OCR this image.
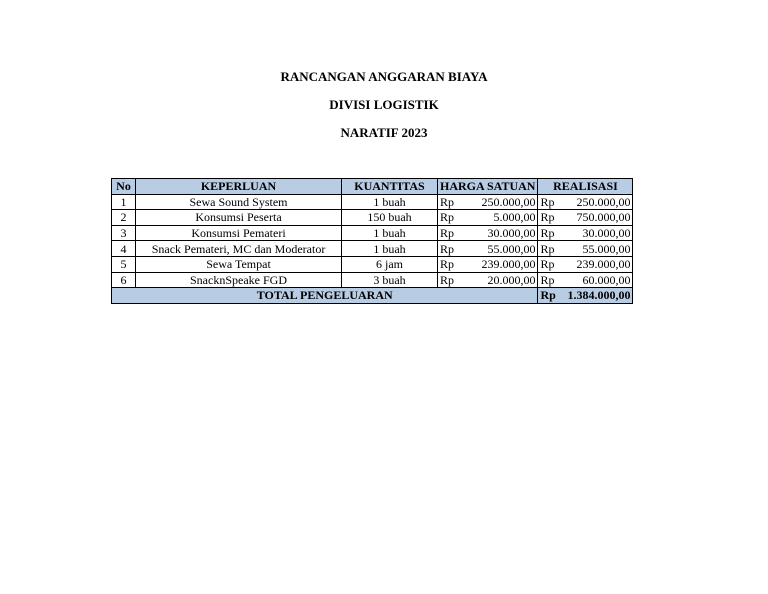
RANCANGAN ANGGARAN BIAYA
DIVISI LOGISTIK
NARATIF 2023
No	KEPERLUAN	KUANTITAS	HARGA SATUAN		REALISASI	
1	Sewa Sound System	1 buah	Rp	250.000,00	Rp	250.000,00
2	Konsumsi Peserta	150 buah	Rp	5.000,00	Rp	750.000,00
3	Konsumsi Pemateri	1 buah	Rp	30.000,00	Rp	30.000,00
4	Snack Pemateri, MC dan Moderator	1 buah	Rp	55.000,00	Rp	55.000,00
5	Sewa Tempat	6 jam	Rp	239.000,00	Rp	239.000,00
6	SnacknSpeake FGD	3 buah	Rp	20.000,00	Rp	60.000,00
TOTAL PENGELUARAN					Rp	1.384.000,00
